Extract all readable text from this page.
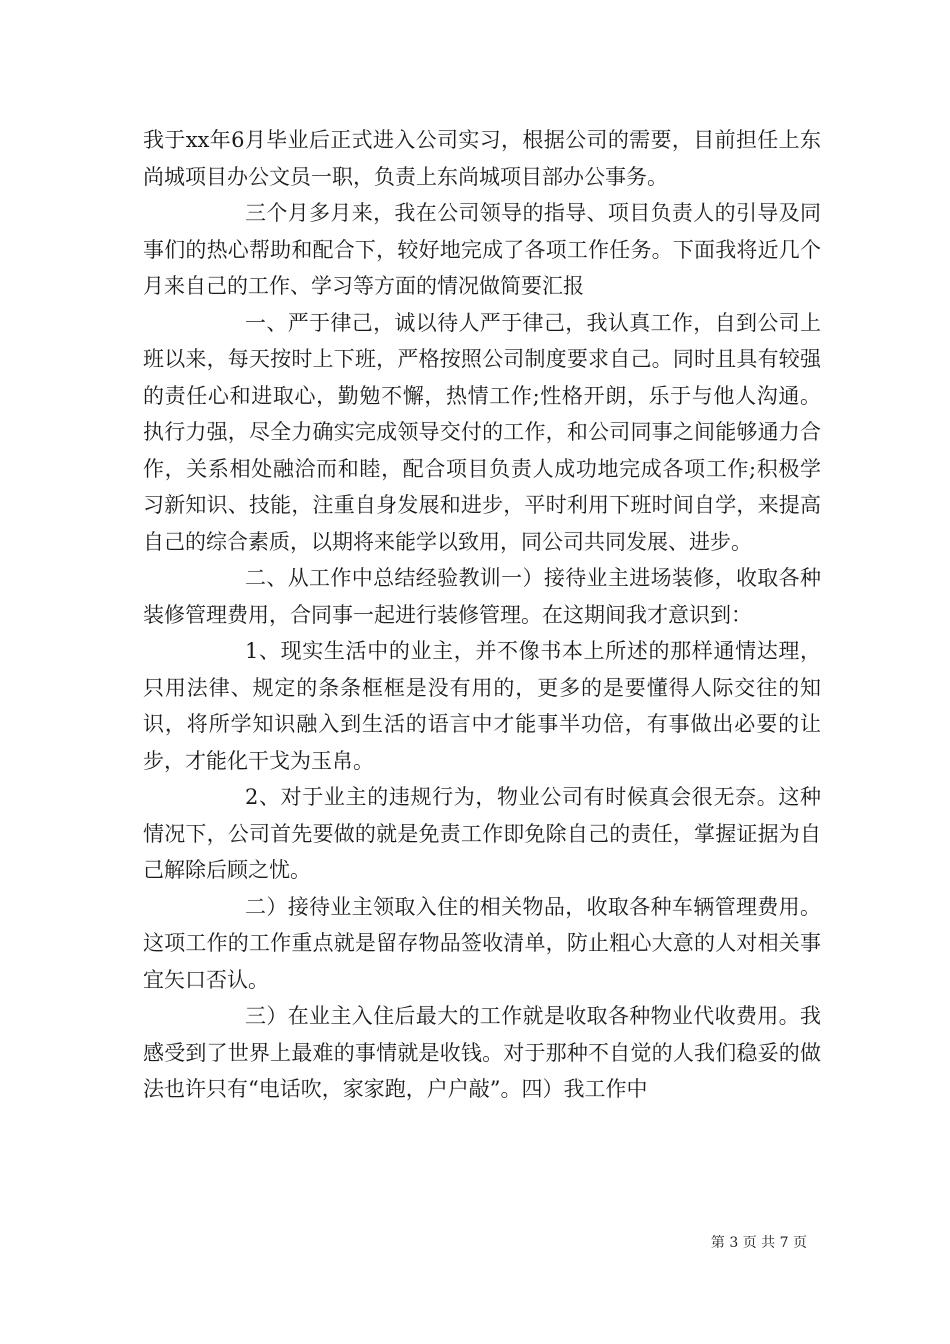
我于xx年6月毕业后正式进入公司实习，根据公司的需要，目前担任上东尚城项目办公文员一职，负责上东尚城项目部办公事务。

三个月多月来，我在公司领导的指导、项目负责人的引导及同事们的热心帮助和配合下，较好地完成了各项工作任务。下面我将近几个月来自己的工作、学习等方面的情况做简要汇报

一、严于律己，诚以待人严于律己，我认真工作，自到公司上班以来，每天按时上下班，严格按照公司制度要求自己。同时且具有较强的责任心和进取心，勤勉不懈，热情工作;性格开朗，乐于与他人沟通。执行力强，尽全力确实完成领导交付的工作，和公司同事之间能够通力合作，关系相处融洽而和睦，配合项目负责人成功地完成各项工作;积极学习新知识、技能，注重自身发展和进步，平时利用下班时间自学，来提高自己的综合素质，以期将来能学以致用，同公司共同发展、进步。

二、从工作中总结经验教训一）接待业主进场装修，收取各种装修管理费用，合同事一起进行装修管理。在这期间我才意识到：

1、现实生活中的业主，并不像书本上所述的那样通情达理，只用法律、规定的条条框框是没有用的，更多的是要懂得人际交往的知识，将所学知识融入到生活的语言中才能事半功倍，有事做出必要的让步，才能化干戈为玉帛。

2、对于业主的违规行为，物业公司有时候真会很无奈。这种情况下，公司首先要做的就是免责工作即免除自己的责任，掌握证据为自己解除后顾之忧。

二）接待业主领取入住的相关物品，收取各种车辆管理费用。这项工作的工作重点就是留存物品签收清单，防止粗心大意的人对相关事宜矢口否认。

三）在业主入住后最大的工作就是收取各种物业代收费用。我感受到了世界上最难的事情就是收钱。对于那种不自觉的人我们稳妥的做法也许只有“电话吹，家家跑，户户敲”。四）我工作中

第 3 页 共 7 页
